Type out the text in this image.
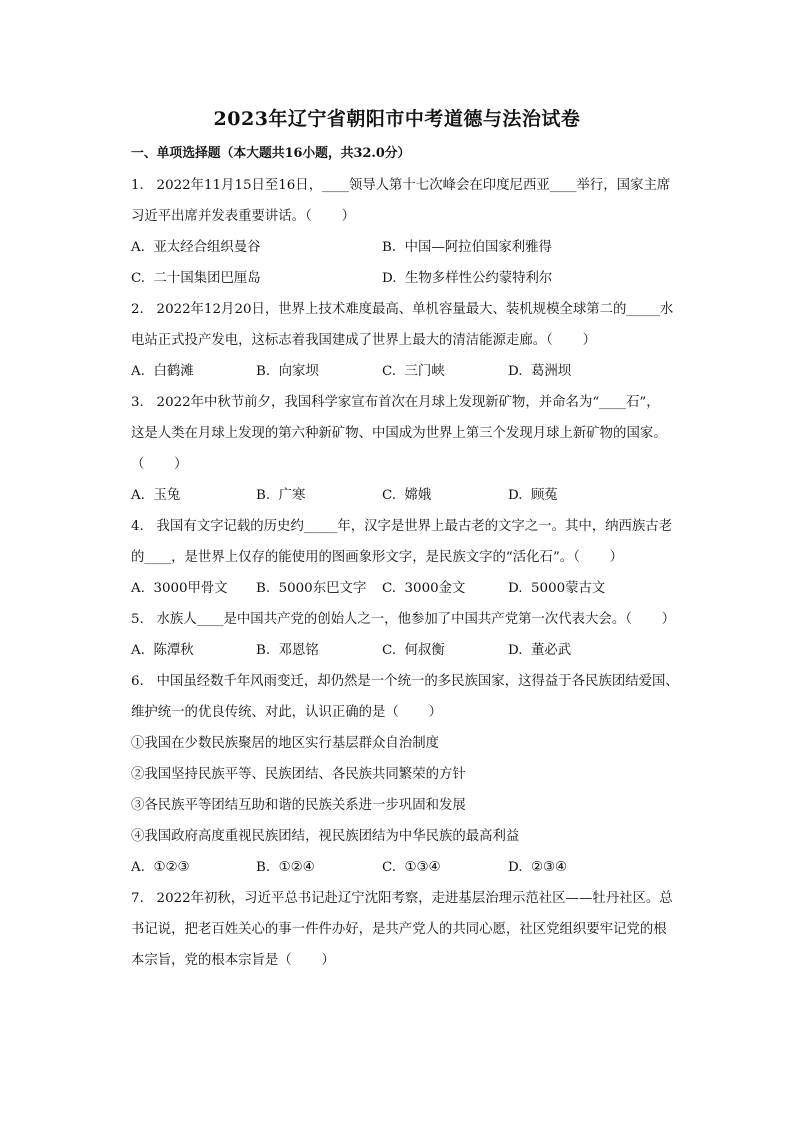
2023年辽宁省朝阳市中考道德与法治试卷
一、单项选择题（本大题共16小题，共32.0分）
1.   2022年11月15日至16日，____领导人第十七次峰会在印度尼西亚____举行，国家主席
习近平出席并发表重要讲话。（       ）
A.  亚太经合组织曼谷	B.  中国—阿拉伯国家利雅得
C.  二十国集团巴厘岛	D.  生物多样性公约蒙特利尔
2.   2022年12月20日，世界上技术难度最高、单机容量最大、装机规模全球第二的_____水
电站正式投产发电，这标志着我国建成了世界上最大的清洁能源走廊。（       ）
A.  白鹤滩	B.  向家坝	C.  三门峡	D.  葛洲坝
3.   2022年中秋节前夕，我国科学家宣布首次在月球上发现新矿物，并命名为“____石”，
这是人类在月球上发现的第六种新矿物、中国成为世界上第三个发现月球上新矿物的国家。
（       ）
A.  玉兔	B.  广寒	C.  嫦娥	D.  顾菟
4.   我国有文字记载的历史约_____年，汉字是世界上最古老的文字之一。其中，纳西族古老
的____，是世界上仅存的能使用的图画象形文字，是民族文字的“活化石”。（       ）
A.  3000甲骨文 B.  5000东巴文字 C.  3000金文	D.  5000蒙古文
5.   水族人____是中国共产党的创始人之一，他参加了中国共产党第一次代表大会。（       ）
A.  陈潭秋	B.  邓恩铭	C.  何叔衡	D.  董必武
6.   中国虽经数千年风雨变迁，却仍然是一个统一的多民族国家，这得益于各民族团结爱国、
维护统一的优良传统、对此，认识正确的是（       ）
①我国在少数民族聚居的地区实行基层群众自治制度
②我国坚持民族平等、民族团结、各民族共同繁荣的方针
③各民族平等团结互助和谐的民族关系进一步巩固和发展
④我国政府高度重视民族团结，视民族团结为中华民族的最高利益
A.  ①②③	B.  ①②④	C.  ①③④	D.  ②③④
7.   2022年初秋，习近平总书记赴辽宁沈阳考察，走进基层治理示范社区——牡丹社区。总
书记说，把老百姓关心的事一件件办好，是共产党人的共同心愿，社区党组织要牢记党的根
本宗旨，党的根本宗旨是（       ）
